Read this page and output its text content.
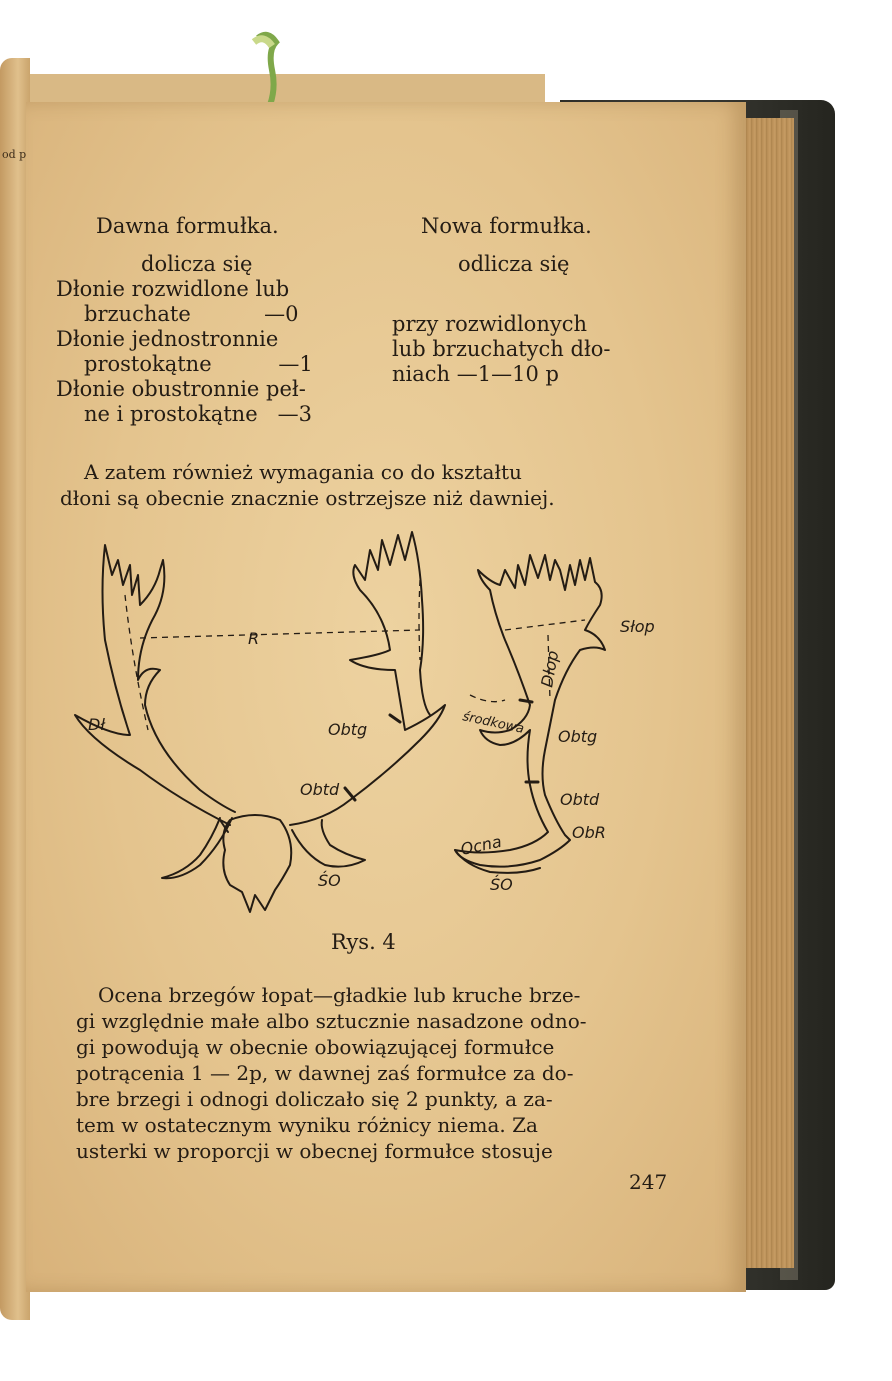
od p
Dawna formułka.
dolicza się
Dłonie rozwidlone lub
brzuchate           —0
Dłonie jednostronnie
prostokątne          —1
Dłonie obustronnie peł-
ne i prostokątne   —3
Nowa formułka.
odlicza się
przy rozwidlonych
lub brzuchatych dło-
niach —1—10 p
A zatem również wymagania co do kształtu
dłoni są obecnie znacznie ostrzejsze niż dawniej.
Rys. 4
Ocena brzegów łopat—gładkie lub kruche brze-
gi względnie małe albo sztucznie nasadzone odno-
gi powodują w obecnie obowiązującej formułce
potrącenia 1 — 2p, w dawnej zaś formułce za do-
bre brzegi i odnogi doliczało się 2 punkty, a za-
tem w ostatecznym wyniku różnicy niema. Za
usterki w proporcji w obecnej formułce stosuje
247
R
Dł	Obtg
Obtd
ŚO
Słop
Dłop
środkowa Obtg
Obtd
ObR
Ocna
ŚO
